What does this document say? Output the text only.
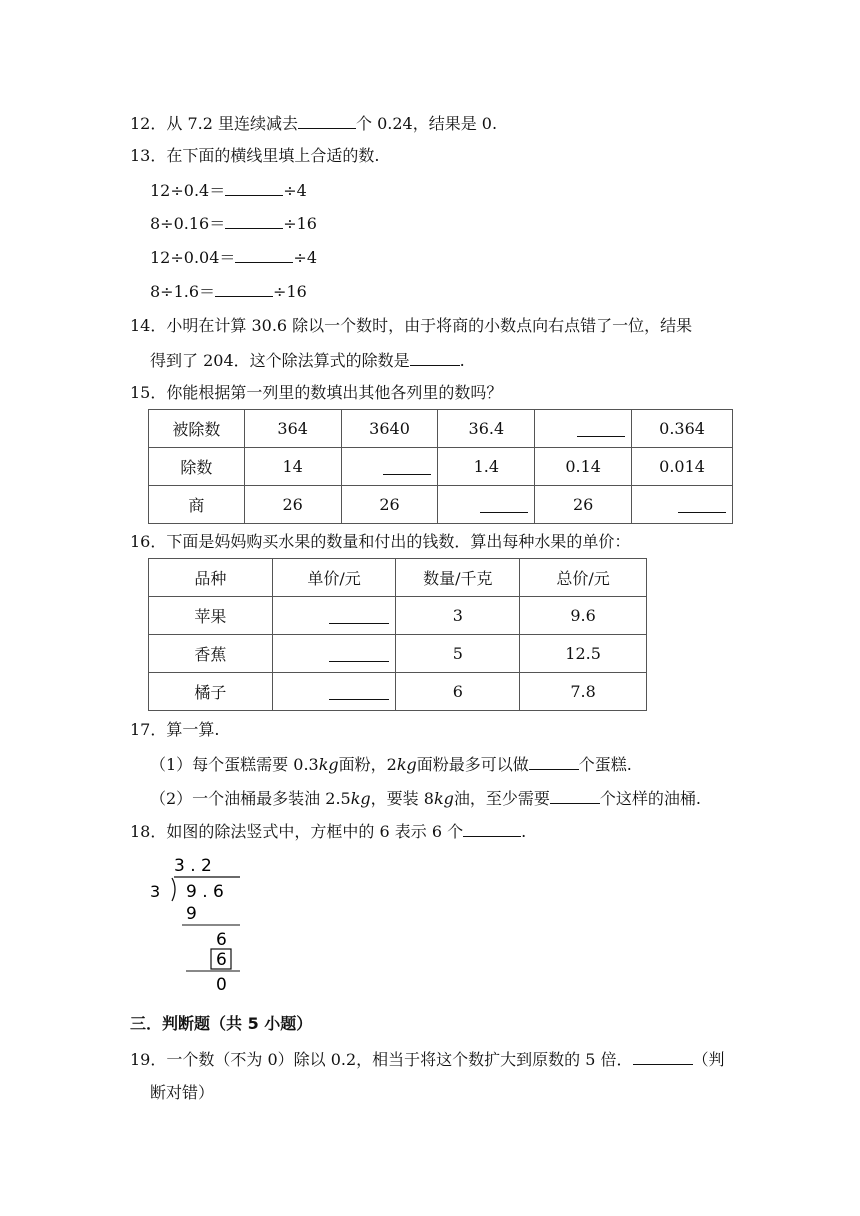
12．从 7.2 里连续减去	个 0.24，结果是 0.
13．在下面的横线里填上合适的数.
12÷0.4＝	÷4
8÷0.16＝	÷16
12÷0.04＝	÷4
8÷1.6＝	÷16
14．小明在计算 30.6 除以一个数时，由于将商的小数点向右点错了一位，结果
得到了 204．这个除法算式的除数是	.
15．你能根据第一列里的数填出其他各列里的数吗？
被除数	364	3640	36.4		0.364
除数	14		1.4	0.14	0.014
商	26	26		26	
16．下面是妈妈购买水果的数量和付出的钱数．算出每种水果的单价：
品种	单价/元	数量/千克	总价/元
苹果		3	9.6
香蕉		5	12.5
橘子		6	7.8
17．算一算.
（1）每个蛋糕需要 0.3kg面粉，2kg面粉最多可以做	个蛋糕.
（2）一个油桶最多装油 2.5kg，要装 8kg油，至少需要	个这样的油桶.
18．如图的除法竖式中，方框中的 6 表示 6 个	.
3 . 2
3 9 . 6
9
6
6
0
三．判断题（共 5 小题）
19．一个数（不为 0）除以 0.2，相当于将这个数扩大到原数的 5 倍．	（判
断对错）
